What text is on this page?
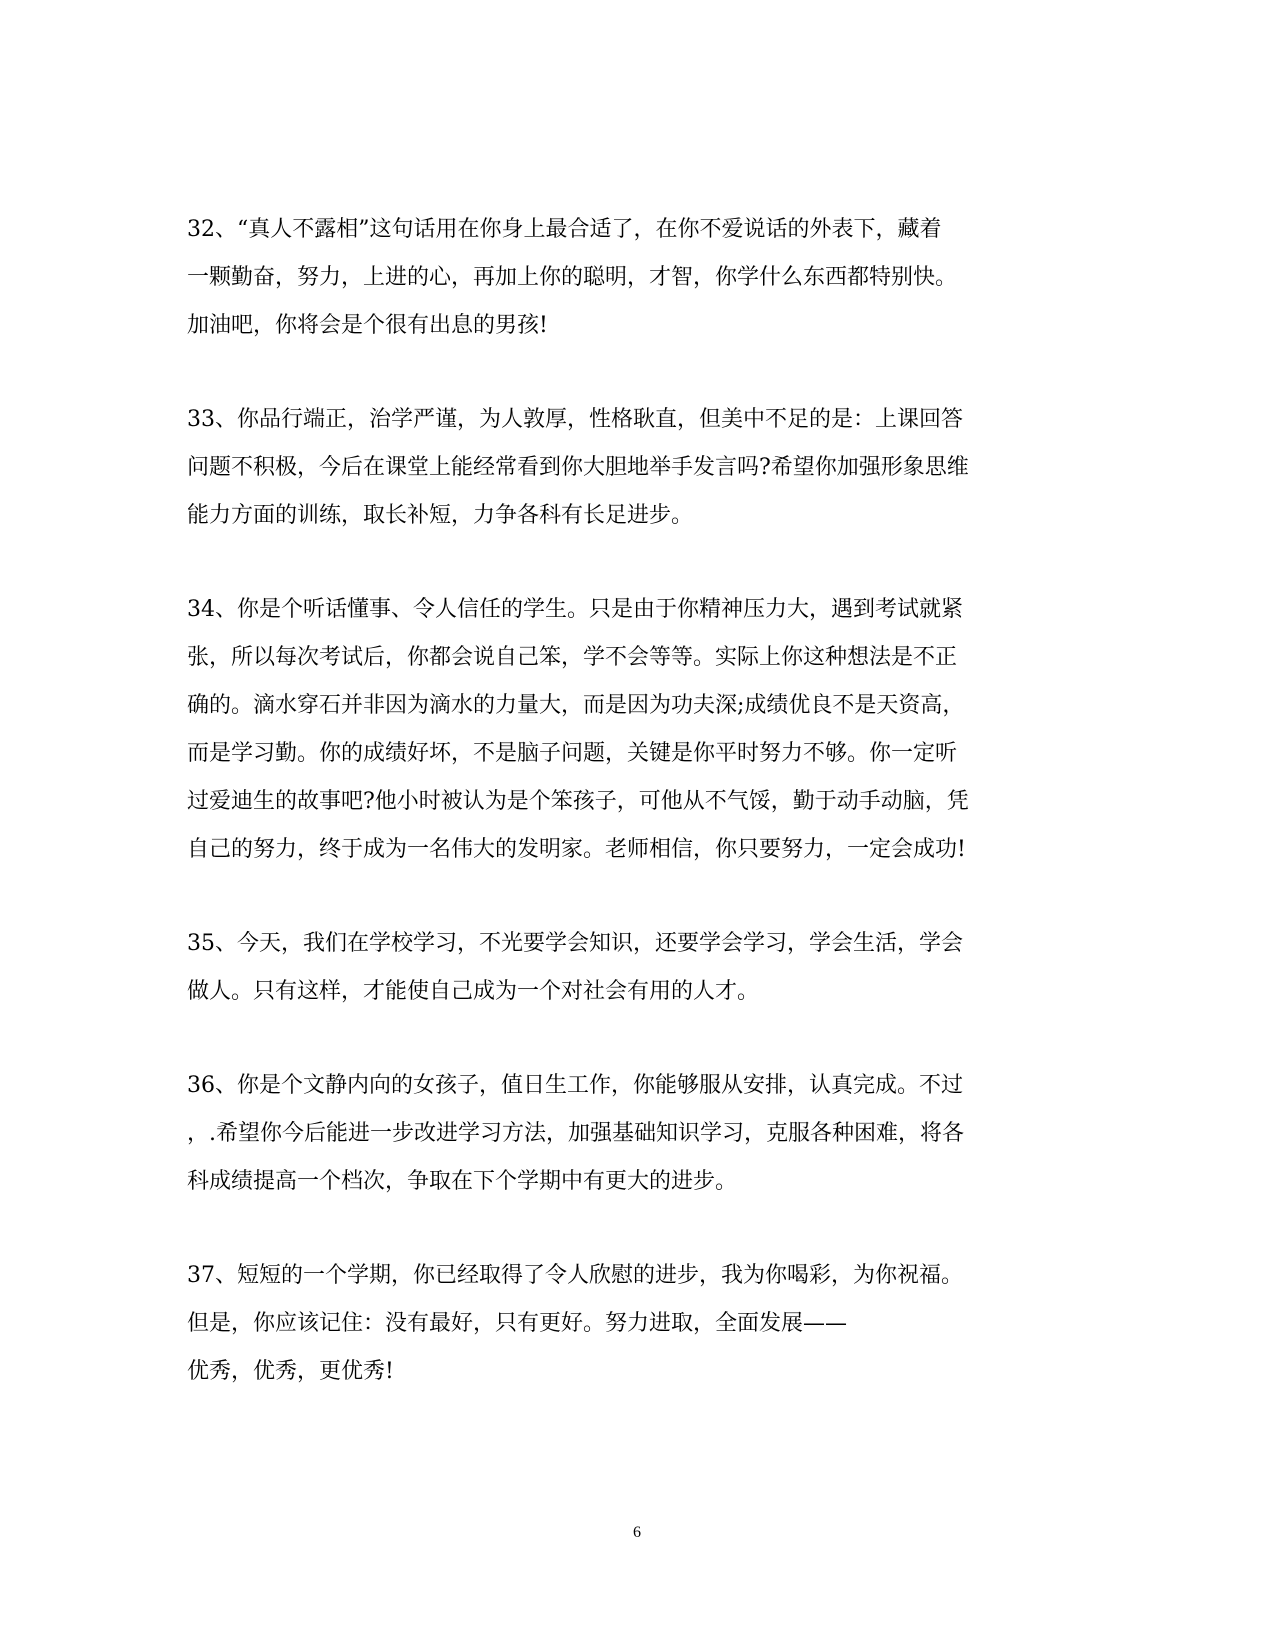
32、“真人不露相”这句话用在你身上最合适了，在你不爱说话的外表下，藏着
一颗勤奋，努力，上进的心，再加上你的聪明，才智，你学什么东西都特别快。
加油吧，你将会是个很有出息的男孩!
33、你品行端正，治学严谨，为人敦厚，性格耿直，但美中不足的是：上课回答
问题不积极，今后在课堂上能经常看到你大胆地举手发言吗?希望你加强形象思维
能力方面的训练，取长补短，力争各科有长足进步。
34、你是个听话懂事、令人信任的学生。只是由于你精神压力大，遇到考试就紧
张，所以每次考试后，你都会说自己笨，学不会等等。实际上你这种想法是不正
确的。滴水穿石并非因为滴水的力量大，而是因为功夫深;成绩优良不是天资高，
而是学习勤。你的成绩好坏，不是脑子问题，关键是你平时努力不够。你一定听
过爱迪生的故事吧?他小时被认为是个笨孩子，可他从不气馁，勤于动手动脑，凭
自己的努力，终于成为一名伟大的发明家。老师相信，你只要努力，一定会成功!
35、今天，我们在学校学习，不光要学会知识，还要学会学习，学会生活，学会
做人。只有这样，才能使自己成为一个对社会有用的人才。
36、你是个文静内向的女孩子，值日生工作，你能够服从安排，认真完成。不过
，.希望你今后能进一步改进学习方法，加强基础知识学习，克服各种困难，将各
科成绩提高一个档次，争取在下个学期中有更大的进步。
37、短短的一个学期，你已经取得了令人欣慰的进步，我为你喝彩，为你祝福。
但是，你应该记住：没有最好，只有更好。努力进取，全面发展——
优秀，优秀，更优秀!
6
